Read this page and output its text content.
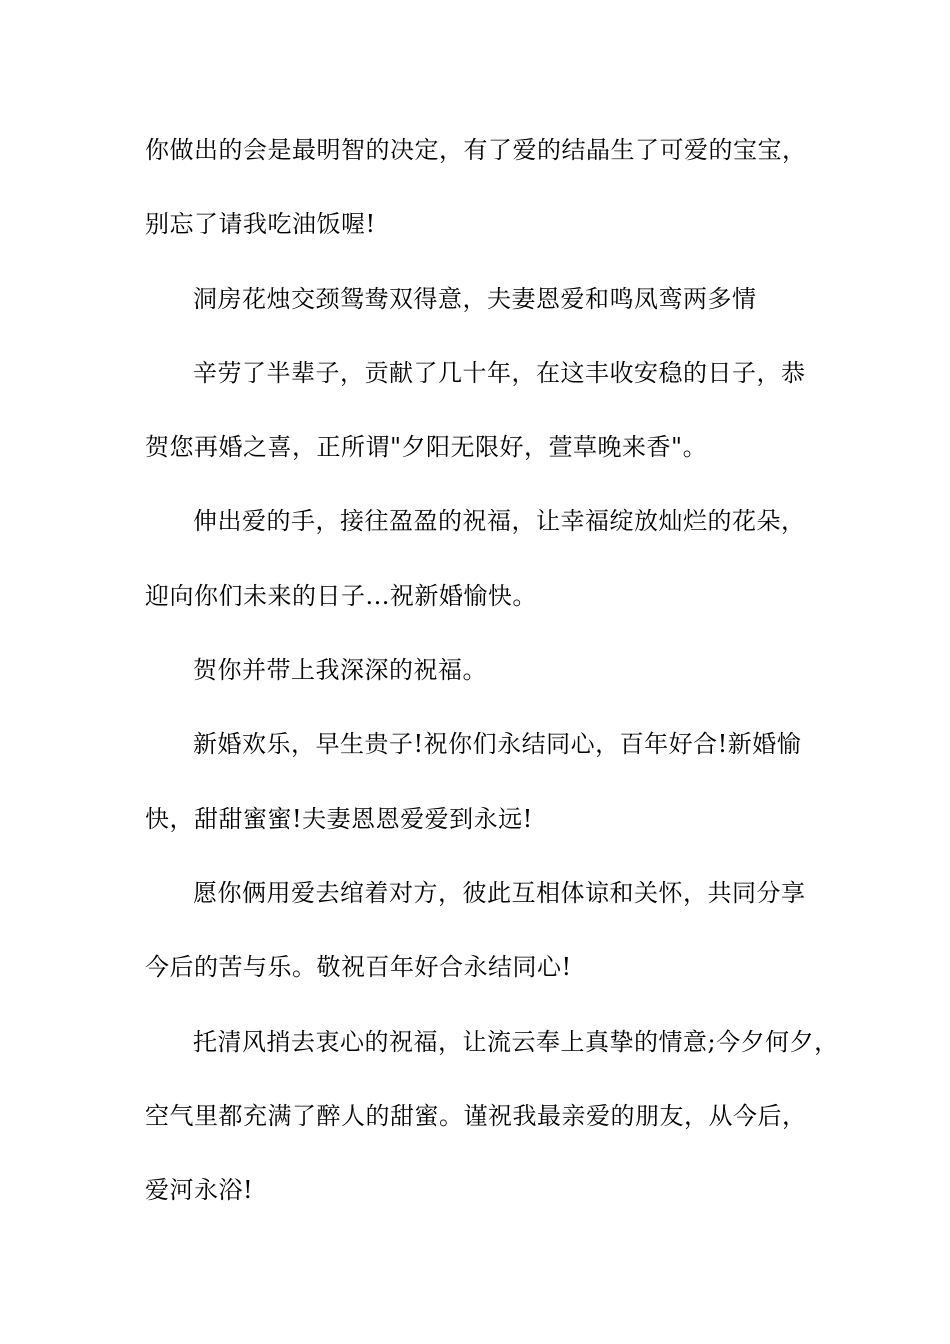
你做出的会是最明智的决定，有了爱的结晶生了可爱的宝宝，

别忘了请我吃油饭喔!

洞房花烛交颈鸳鸯双得意，夫妻恩爱和鸣凤鸾两多情

辛劳了半辈子，贡献了几十年，在这丰收安稳的日子，恭

贺您再婚之喜，正所谓"夕阳无限好，萱草晚来香"。

伸出爱的手，接往盈盈的祝福，让幸福绽放灿烂的花朵，

迎向你们未来的日子...祝新婚愉快。

贺你并带上我深深的祝福。

新婚欢乐，早生贵子!祝你们永结同心，百年好合!新婚愉

快，甜甜蜜蜜!夫妻恩恩爱爱到永远!

愿你俩用爱去绾着对方，彼此互相体谅和关怀，共同分享

今后的苦与乐。敬祝百年好合永结同心!

托清风捎去衷心的祝福，让流云奉上真挚的情意;今夕何夕，

空气里都充满了醉人的甜蜜。谨祝我最亲爱的朋友，从今后，

爱河永浴!
